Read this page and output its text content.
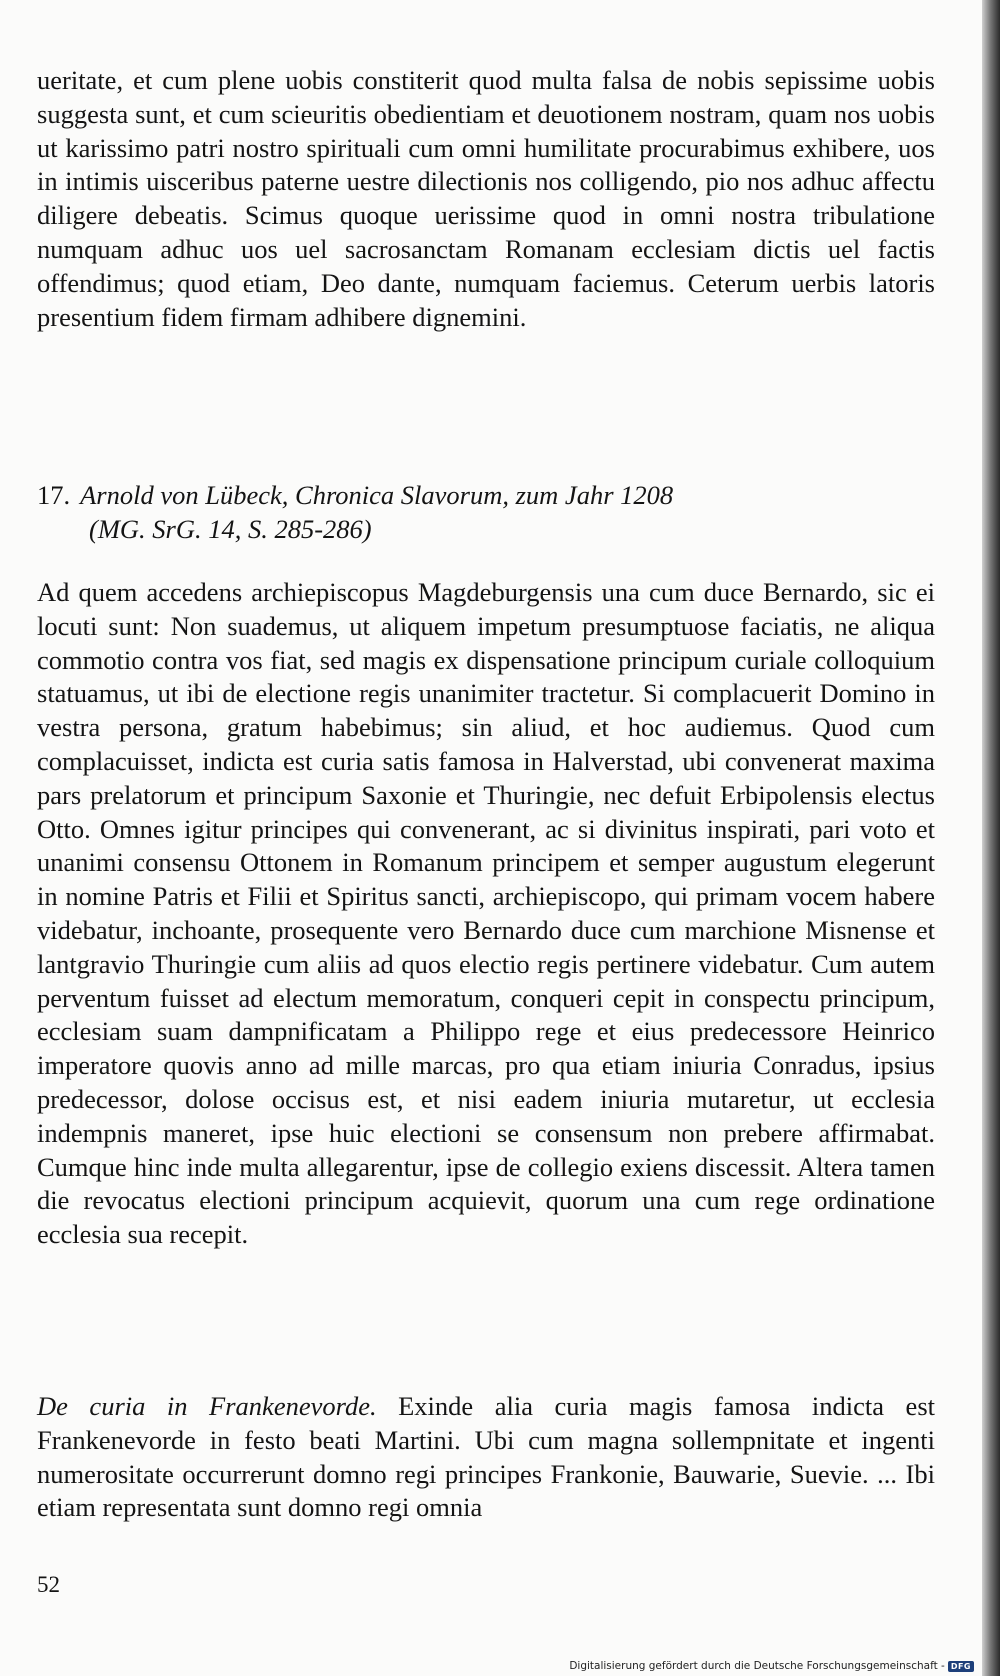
ueritate, et cum plene uobis constiterit quod multa falsa de nobis sepissime uobis suggesta sunt, et cum scieuritis obedientiam et deuotionem nostram, quam nos uobis ut karissimo patri nostro spirituali cum omni humilitate procurabimus exhibere, uos in intimis uisceribus paterne uestre dilectionis nos colligendo, pio nos adhuc affectu diligere debeatis. Scimus quoque uerissime quod in omni nostra tribulatione numquam adhuc uos uel sacrosanctam Romanam ecclesiam dictis uel factis offendimus; quod etiam, Deo dante, numquam faciemus. Ceterum uerbis latoris presentium fidem firmam adhibere dignemini.
17. Arnold von Lübeck, Chronica Slavorum, zum Jahr 1208
(MG. SrG. 14, S. 285-286)
Ad quem accedens archiepiscopus Magdeburgensis una cum duce Bernardo, sic ei locuti sunt: Non suademus, ut aliquem impetum presumptuose faciatis, ne aliqua commotio contra vos fiat, sed magis ex dispensatione principum curiale colloquium statuamus, ut ibi de electione regis unanimiter tractetur. Si complacuerit Domino in vestra persona, gratum habebimus; sin aliud, et hoc audiemus. Quod cum complacuisset, indicta est curia satis famosa in Halverstad, ubi convenerat maxima pars prelatorum et principum Saxonie et Thuringie, nec defuit Erbipolensis electus Otto. Omnes igitur principes qui convenerant, ac si divinitus inspirati, pari voto et unanimi consensu Ottonem in Romanum principem et semper augustum elegerunt in nomine Patris et Filii et Spiritus sancti, archiepiscopo, qui primam vocem habere videbatur, inchoante, prosequente vero Bernardo duce cum marchione Misnense et lantgravio Thuringie cum aliis ad quos electio regis pertinere videbatur. Cum autem perventum fuisset ad electum memoratum, conqueri cepit in conspectu principum, ecclesiam suam dampnificatam a Philippo rege et eius predecessore Heinrico imperatore quovis anno ad mille marcas, pro qua etiam iniuria Conradus, ipsius predecessor, dolose occisus est, et nisi eadem iniuria mutaretur, ut ecclesia indempnis maneret, ipse huic electioni se consensum non prebere affirmabat. Cumque hinc inde multa allegarentur, ipse de collegio exiens discessit. Altera tamen die revocatus electioni principum acquievit, quorum una cum rege ordinatione ecclesia sua recepit.
De curia in Frankenevorde. Exinde alia curia magis famosa indicta est Frankenevorde in festo beati Martini. Ubi cum magna sollempnitate et ingenti numerositate occurrerunt domno regi principes Frankonie, Bauwarie, Suevie. ... Ibi etiam representata sunt domno regi omnia
52
Digitalisierung gefördert durch die Deutsche Forschungsgemeinschaft - DFG
